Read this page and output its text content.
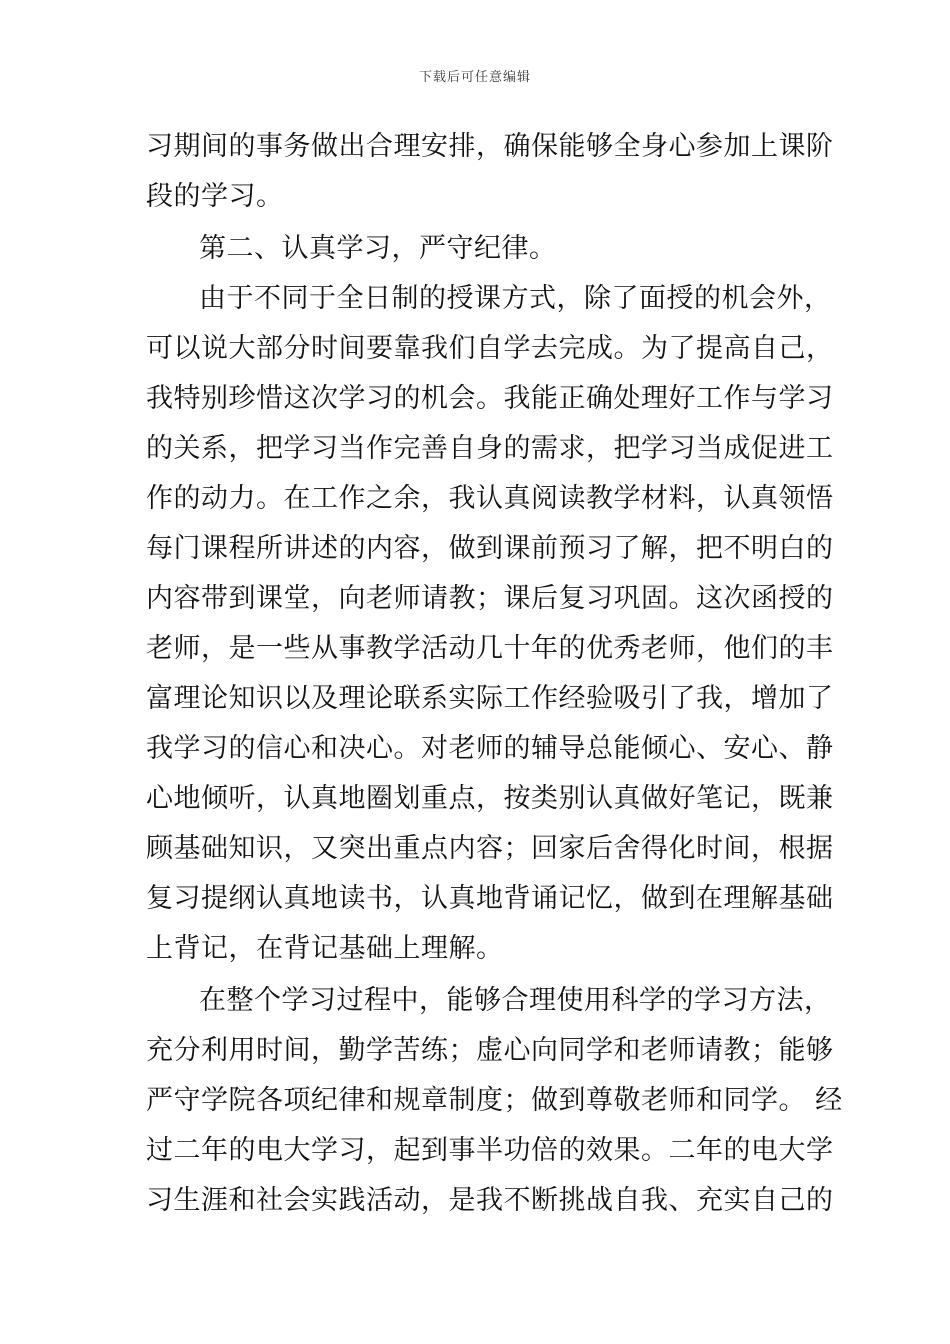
下载后可任意编辑
习期间的事务做出合理安排，确保能够全身心参加上课阶
段的学习。
第二、认真学习，严守纪律。
由于不同于全日制的授课方式，除了面授的机会外，
可以说大部分时间要靠我们自学去完成。为了提高自己，
我特别珍惜这次学习的机会。我能正确处理好工作与学习
的关系，把学习当作完善自身的需求，把学习当成促进工
作的动力。在工作之余，我认真阅读教学材料，认真领悟
每门课程所讲述的内容，做到课前预习了解，把不明白的
内容带到课堂，向老师请教；课后复习巩固。这次函授的
老师，是一些从事教学活动几十年的优秀老师，他们的丰
富理论知识以及理论联系实际工作经验吸引了我，增加了
我学习的信心和决心。对老师的辅导总能倾心、安心、静
心地倾听，认真地圈划重点，按类别认真做好笔记，既兼
顾基础知识，又突出重点内容；回家后舍得化时间，根据
复习提纲认真地读书，认真地背诵记忆，做到在理解基础
上背记，在背记基础上理解。
在整个学习过程中，能够合理使用科学的学习方法，
充分利用时间，勤学苦练；虚心向同学和老师请教；能够
严守学院各项纪律和规章制度；做到尊敬老师和同学。 经
过二年的电大学习，起到事半功倍的效果。二年的电大学
习生涯和社会实践活动，是我不断挑战自我、充实自己的
